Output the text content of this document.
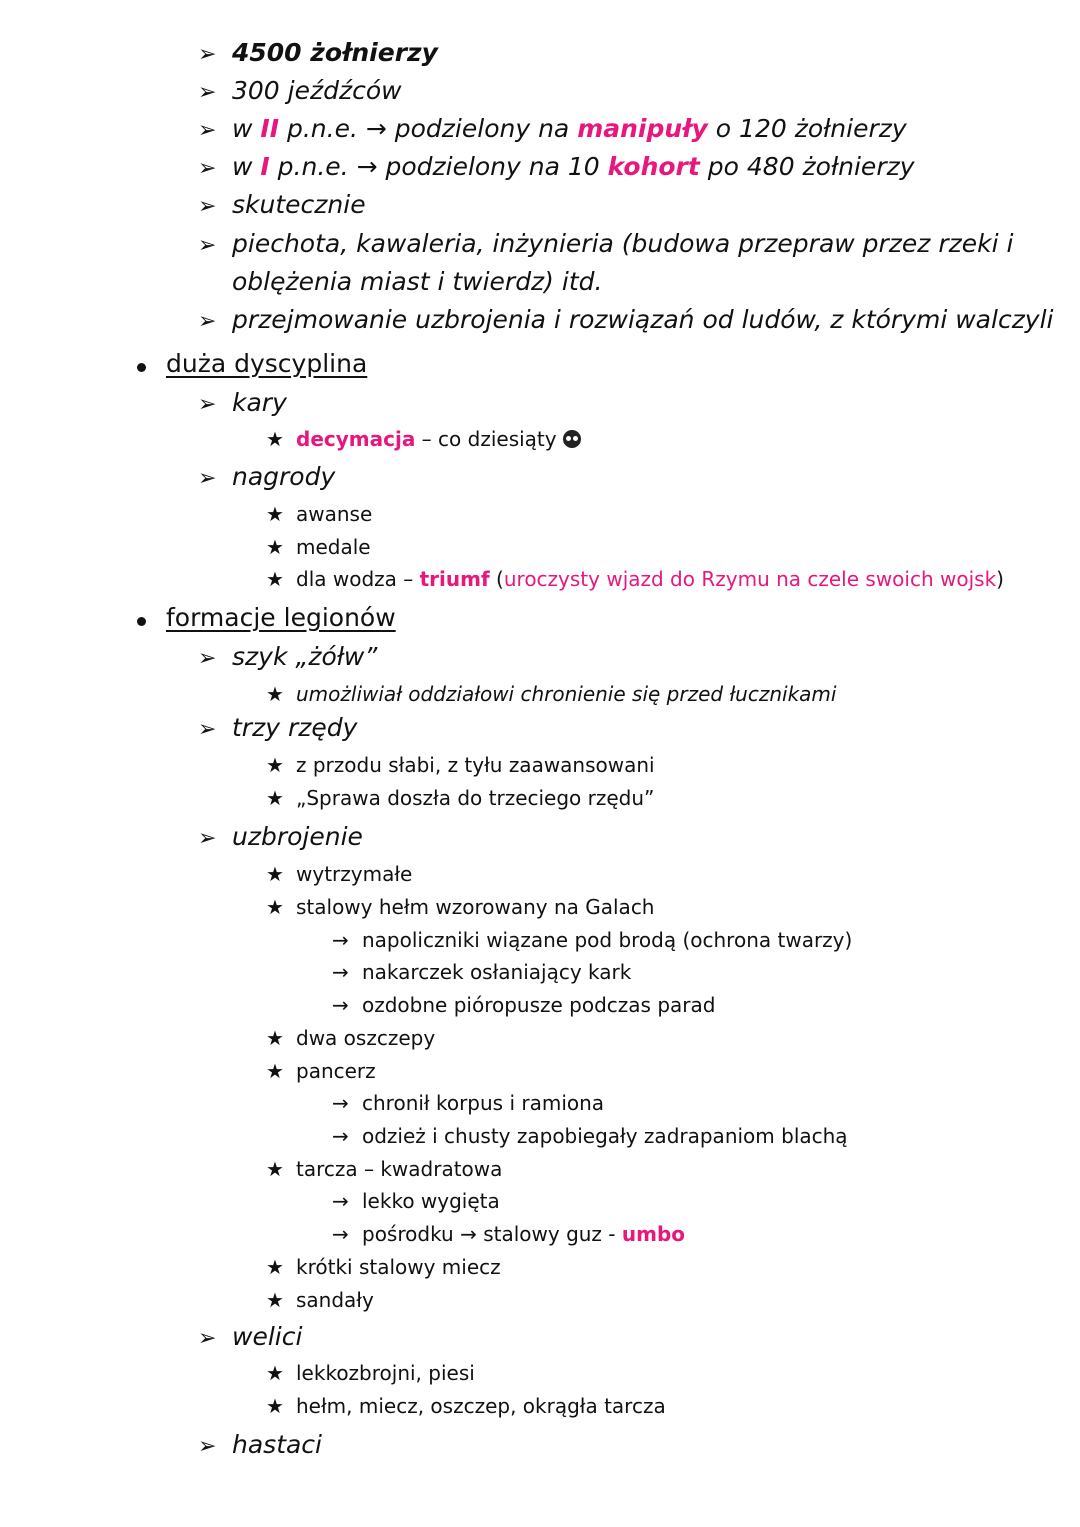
➢ 4500 żołnierzy
➢ 300 jeźdźców
➢ w II p.n.e. → podzielony na manipuły o 120 żołnierzy
➢ w I p.n.e. → podzielony na 10 kohort po 480 żołnierzy
➢ skutecznie
➢ piechota, kawaleria, inżynieria (budowa przepraw przez rzeki i
oblężenia miast i twierdz) itd.
➢ przejmowanie uzbrojenia i rozwiązań od ludów, z którymi walczyli
duża dyscyplina
➢ kary
★ decymacja – co dziesiąty
➢ nagrody
★ awanse
★ medale
★ dla wodza – triumf (uroczysty wjazd do Rzymu na czele swoich wojsk)
formacje legionów
➢ szyk „żółw”
★ umożliwiał oddziałowi chronienie się przed łucznikami
➢ trzy rzędy
★ z przodu słabi, z tyłu zaawansowani
★ „Sprawa doszła do trzeciego rzędu”
➢ uzbrojenie
★ wytrzymałe
★ stalowy hełm wzorowany na Galach
→ napoliczniki wiązane pod brodą (ochrona twarzy)
→ nakarczek osłaniający kark
→ ozdobne pióropusze podczas parad
★ dwa oszczepy
★ pancerz
→ chronił korpus i ramiona
→ odzież i chusty zapobiegały zadrapaniom blachą
★ tarcza – kwadratowa
→ lekko wygięta
→ pośrodku → stalowy guz - umbo
★ krótki stalowy miecz
★ sandały
➢ welici
★ lekkozbrojni, piesi
★ hełm, miecz, oszczep, okrągła tarcza
➢ hastaci
